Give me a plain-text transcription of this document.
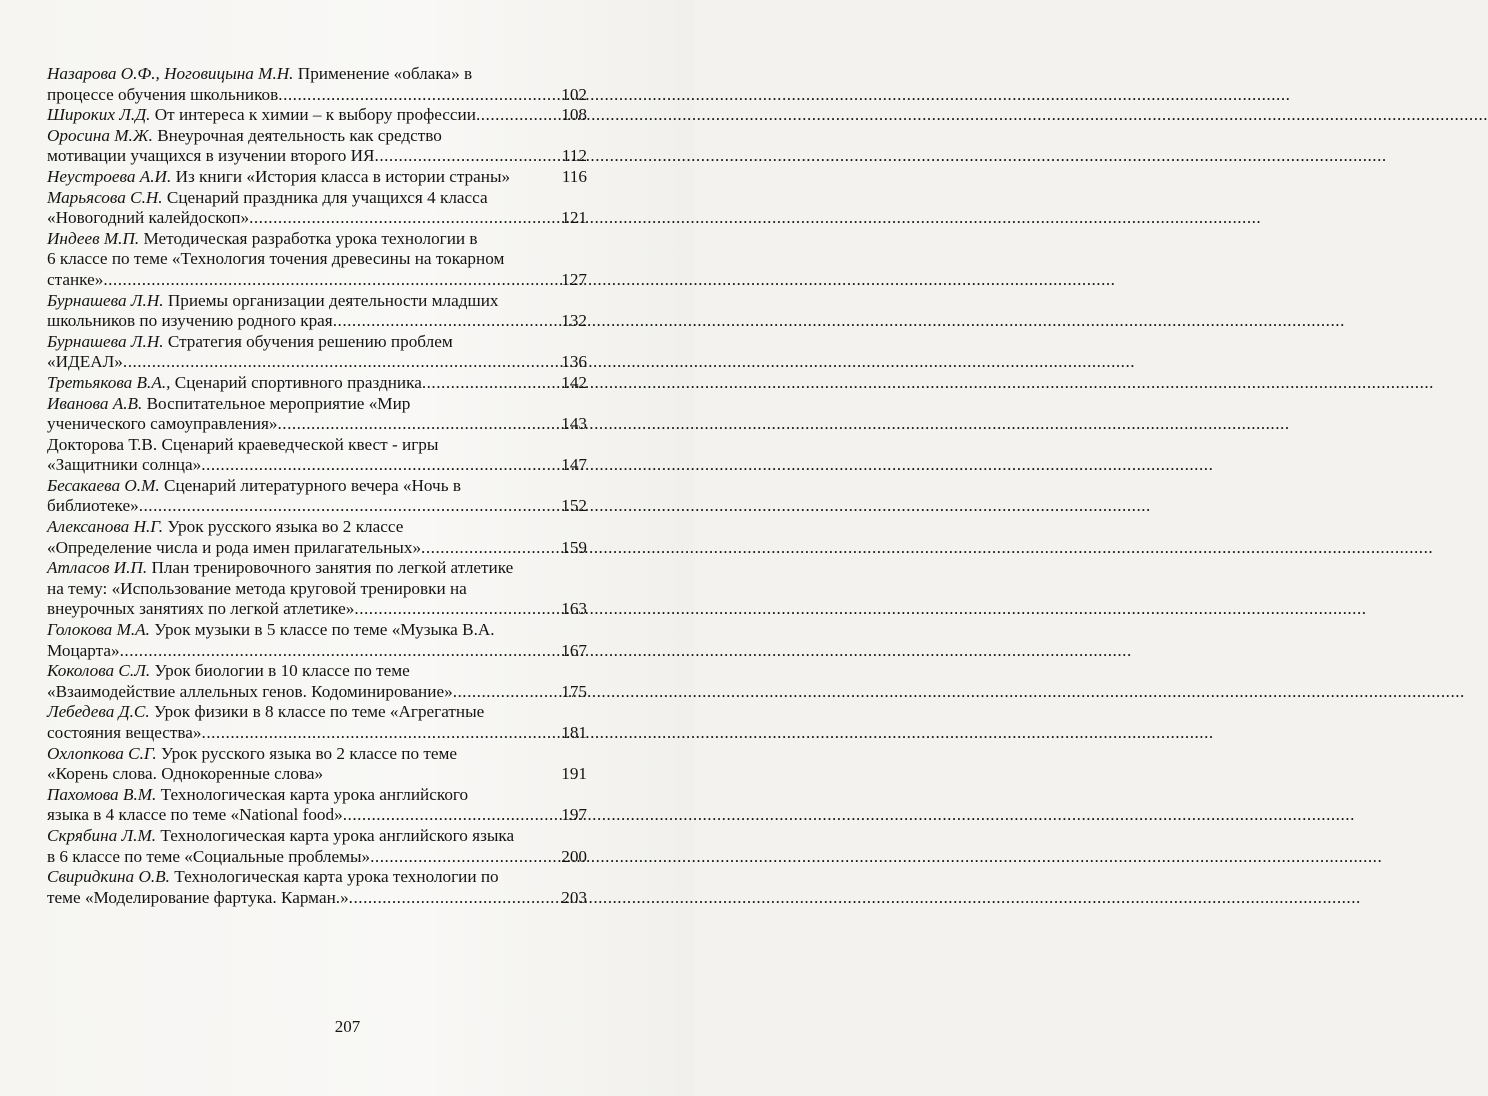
Назарова О.Ф., Ноговицына М.Н. Применение «облака» в
процессе обучения школьников .....	102
Широких Л.Д. От интереса к химии – к выбору профессии .....	108
Оросина М.Ж. Внеурочная деятельность как средство
мотивации учащихся в изучении второго ИЯ .....	112
Неустроева А.И. Из книги «История класса в истории страны»	116
Марьясова С.Н. Сценарий праздника для учащихся 4 класса
«Новогодний калейдоскоп» .....	121
Индеев М.П. Методическая разработка урока технологии в
6 классе по теме «Технология точения древесины на токарном
станке» .....	127
Бурнашева Л.Н. Приемы организации деятельности младших
школьников по изучению родного края .....	132
Бурнашева Л.Н. Стратегия обучения решению проблем
«ИДЕАЛ» .....	136
Третьякова В.А., Сценарий спортивного праздника .....	142
Иванова А.В. Воспитательное мероприятие «Мир
ученического самоуправления» .....	143
Докторова Т.В. Сценарий краеведческой квест - игры
«Защитники солнца» .....	147
Бесакаева О.М. Сценарий литературного вечера «Ночь в
библиотеке» .....	152
Алексанова Н.Г. Урок русского языка во 2 классе
«Определение числа и рода имен прилагательных» .....	159
Атласов И.П. План тренировочного занятия по легкой атлетике
на тему: «Использование метода круговой тренировки на
внеурочных занятиях по легкой атлетике» .....	163
Голокова М.А. Урок музыки в 5 классе по теме «Музыка В.А.
Моцарта» .....	167
Коколова С.Л. Урок биологии в 10 классе по теме
«Взаимодействие аллельных генов. Кодоминирование» .....	175
Лебедева Д.С. Урок физики в 8 классе по теме «Агрегатные
состояния вещества» .....	181
Охлопкова С.Г. Урок русского языка во 2 классе по теме
«Корень слова. Однокоренные слова»	191
Пахомова В.М. Технологическая карта урока английского
языка в 4 классе по теме «National food» .....	197
Скрябина Л.М. Технологическая карта урока английского языка
в 6 классе по теме «Социальные проблемы» .....	200
Свиридкина О.В. Технологическая карта урока технологии по
теме «Моделирование фартука. Карман.» .....	203
207
